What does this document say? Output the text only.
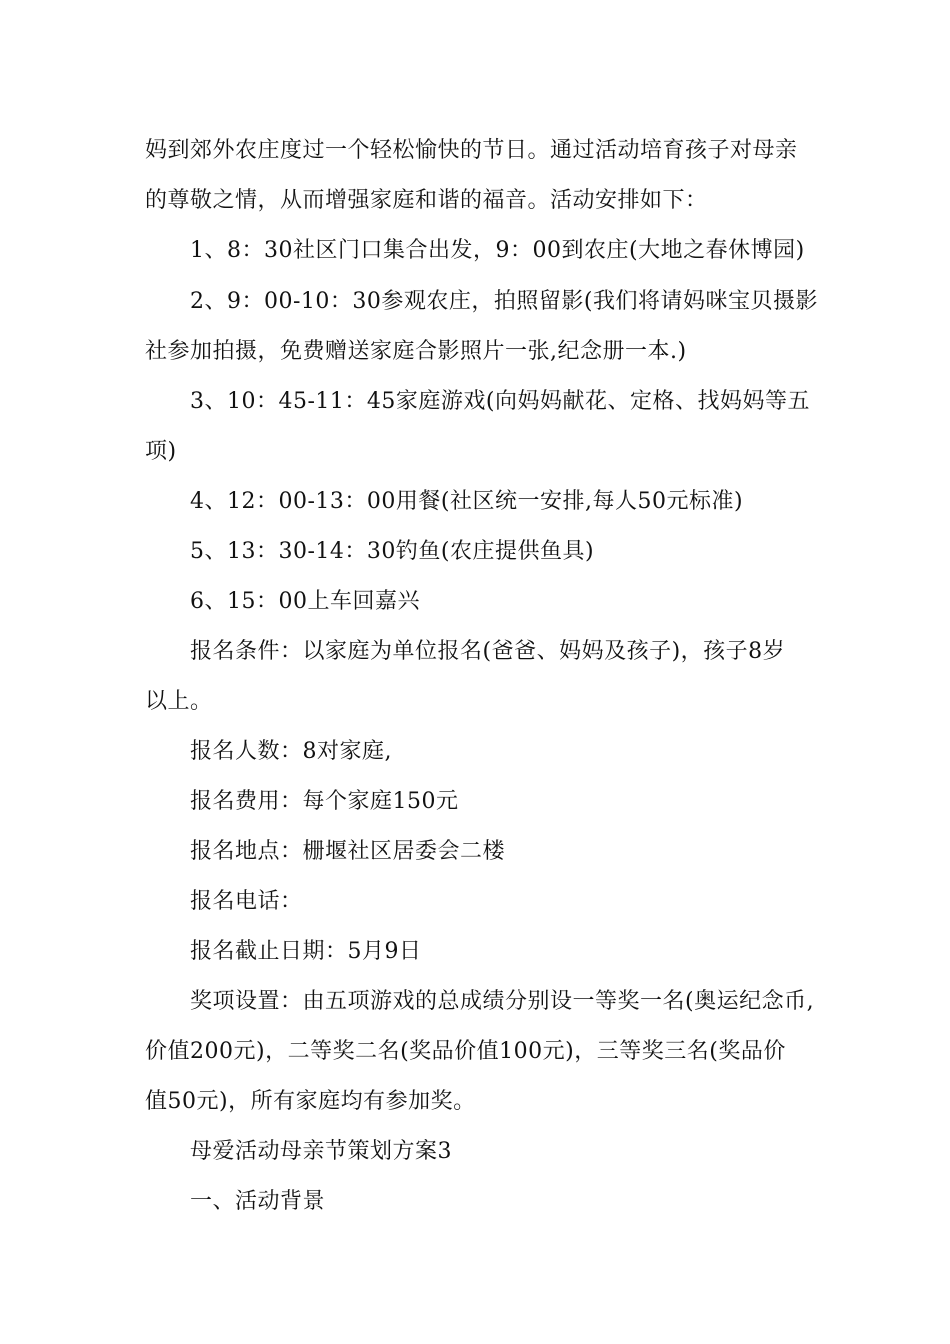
妈到郊外农庄度过一个轻松愉快的节日。通过活动培育孩子对母亲
的尊敬之情，从而增强家庭和谐的福音。活动安排如下：
1、8：30社区门口集合出发，9：00到农庄(大地之春休博园)
2、9：00-10：30参观农庄，拍照留影(我们将请妈咪宝贝摄影
社参加拍摄，免费赠送家庭合影照片一张,纪念册一本.)
3、10：45-11：45家庭游戏(向妈妈献花、定格、找妈妈等五
项)
4、12：00-13：00用餐(社区统一安排,每人50元标准)
5、13：30-14：30钓鱼(农庄提供鱼具)
6、15：00上车回嘉兴
报名条件：以家庭为单位报名(爸爸、妈妈及孩子)，孩子8岁
以上。
报名人数：8对家庭,
报名费用：每个家庭150元
报名地点：栅堰社区居委会二楼
报名电话：
报名截止日期：5月9日
奖项设置：由五项游戏的总成绩分别设一等奖一名(奥运纪念币,
价值200元)，二等奖二名(奖品价值100元)，三等奖三名(奖品价
值50元)，所有家庭均有参加奖。
母爱活动母亲节策划方案3
一、活动背景
